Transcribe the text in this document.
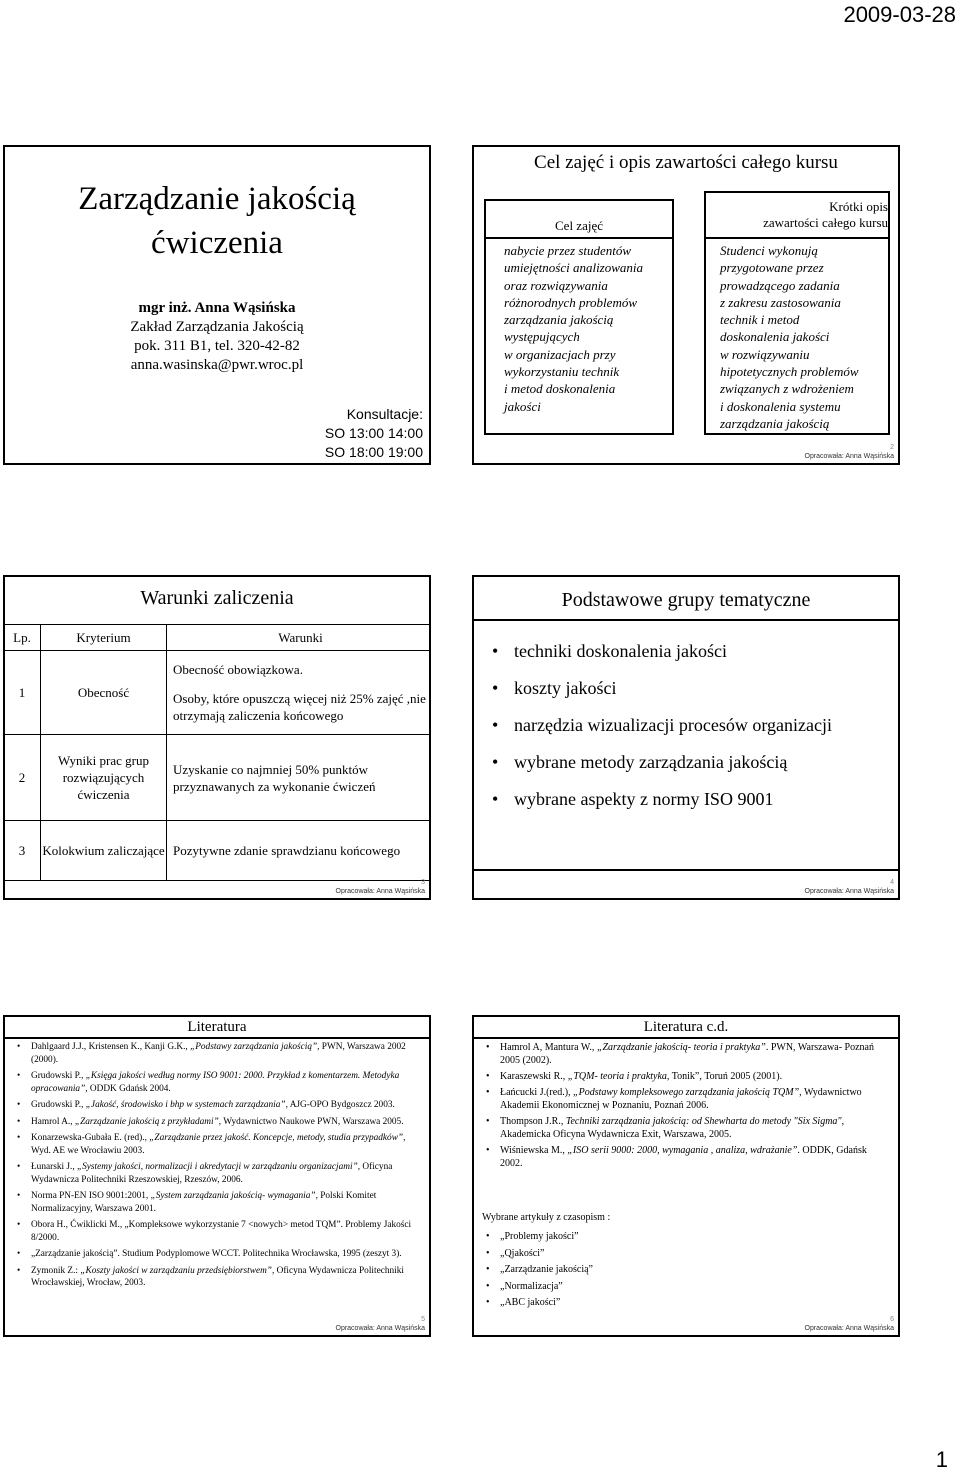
2009-03-28
Zarządzanie jakością
ćwiczenia
mgr inż. Anna Wąsińska
Zakład Zarządzania Jakością
pok. 311 B1, tel. 320-42-82
anna.wasinska@pwr.wroc.pl
Konsultacje:
SO 13:00 14:00
SO 18:00 19:00
Cel zajęć i opis zawartości całego kursu
Cel zajęć
nabycie przez studentów
umiejętności analizowania
oraz rozwiązywania
różnorodnych problemów
zarządzania jakością
występujących
w organizacjach przy
wykorzystaniu technik
i metod doskonalenia
jakości
Krótki opis
zawartości całego kursu
Studenci wykonują
przygotowane przez
prowadzącego zadania
z zakresu zastosowania
technik i metod
doskonalenia jakości
w rozwiązywaniu
hipotetycznych problemów
związanych z wdrożeniem
i doskonalenia systemu
zarządzania jakością
2
Opracowała: Anna Wąsińska
Warunki zaliczenia
Lp.	Kryterium	Warunki
1	Obecność	Obecność obowiązkowa.
Osoby, które opuszczą więcej niż 25% zajęć ,nie otrzymają zaliczenia końcowego

2	Wyniki prac grup rozwiązujących ćwiczenia	Uzyskanie co najmniej 50% punktów przyznawanych za wykonanie ćwiczeń
3	Kolokwium zaliczające	Pozytywne zdanie sprawdzianu końcowego
3
Opracowała: Anna Wąsińska
Podstawowe grupy tematyczne
• techniki doskonalenia jakości
• koszty jakości
• narzędzia wizualizacji procesów organizacji
• wybrane metody zarządzania jakością
• wybrane aspekty z normy ISO 9001
4
Opracowała: Anna Wąsińska
Literatura
• Dahlgaard J.J., Kristensen K., Kanji G.K., „Podstawy zarządzania jakością”, PWN, Warszawa 2002 (2000).
• Grudowski P., „Księga jakości według normy ISO 9001: 2000. Przykład z komentarzem. Metodyka opracowania”, ODDK Gdańsk 2004.
• Grudowski P., „Jakość, środowisko i bhp w systemach zarządzania”, AJG-OPO Bydgoszcz 2003.
• Hamrol A., „Zarządzanie jakością z przykładami”, Wydawnictwo Naukowe PWN, Warszawa 2005.
• Konarzewska-Gubała E. (red)., „Zarządzanie przez jakość. Koncepcje, metody, studia przypadków”, Wyd. AE we Wrocławiu 2003.
• Łunarski J., „Systemy jakości, normalizacji i akredytacji w zarządzaniu organizacjami”, Oficyna Wydawnicza Politechniki Rzeszowskiej, Rzeszów, 2006.
• Norma PN-EN ISO 9001:2001, „System zarządzania jakością- wymagania”, Polski Komitet Normalizacyjny, Warszawa 2001.
• Obora H., Ćwiklicki M., „Kompleksowe wykorzystanie 7 <nowych> metod TQM”. Problemy Jakości 8/2000.
• „Zarządzanie jakością”. Studium Podyplomowe WCCT. Politechnika Wrocławska, 1995 (zeszyt 3).
• Zymonik Z.: „Koszty jakości w zarządzaniu przedsiębiorstwem”, Oficyna Wydawnicza Politechniki Wrocławskiej, Wrocław, 2003.
5
Opracowała: Anna Wąsińska
Literatura c.d.
• Hamrol A, Mantura W., „Zarządzanie jakością- teoria i praktyka”. PWN, Warszawa- Poznań 2005 (2002).
• Karaszewski R., „TQM- teoria i praktyka, Tonik”, Toruń 2005 (2001).
• Łańcucki J.(red.), „Podstawy kompleksowego zarządzania jakością TQM”, Wydawnictwo Akademii Ekonomicznej w Poznaniu, Poznań 2006.
• Thompson J.R., Techniki zarządzania jakością: od Shewharta do metody "Six Sigma", Akademicka Oficyna Wydawnicza Exit, Warszawa, 2005.
• Wiśniewska M., „ISO serii 9000: 2000, wymagania , analiza, wdrażanie”. ODDK, Gdańsk 2002.
Wybrane artykuły z czasopism :
• „Problemy jakości”
• „Qjakości”
• „Zarządzanie jakością”
• „Normalizacja”
• „ABC jakości”
6
Opracowała: Anna Wąsińska
1
